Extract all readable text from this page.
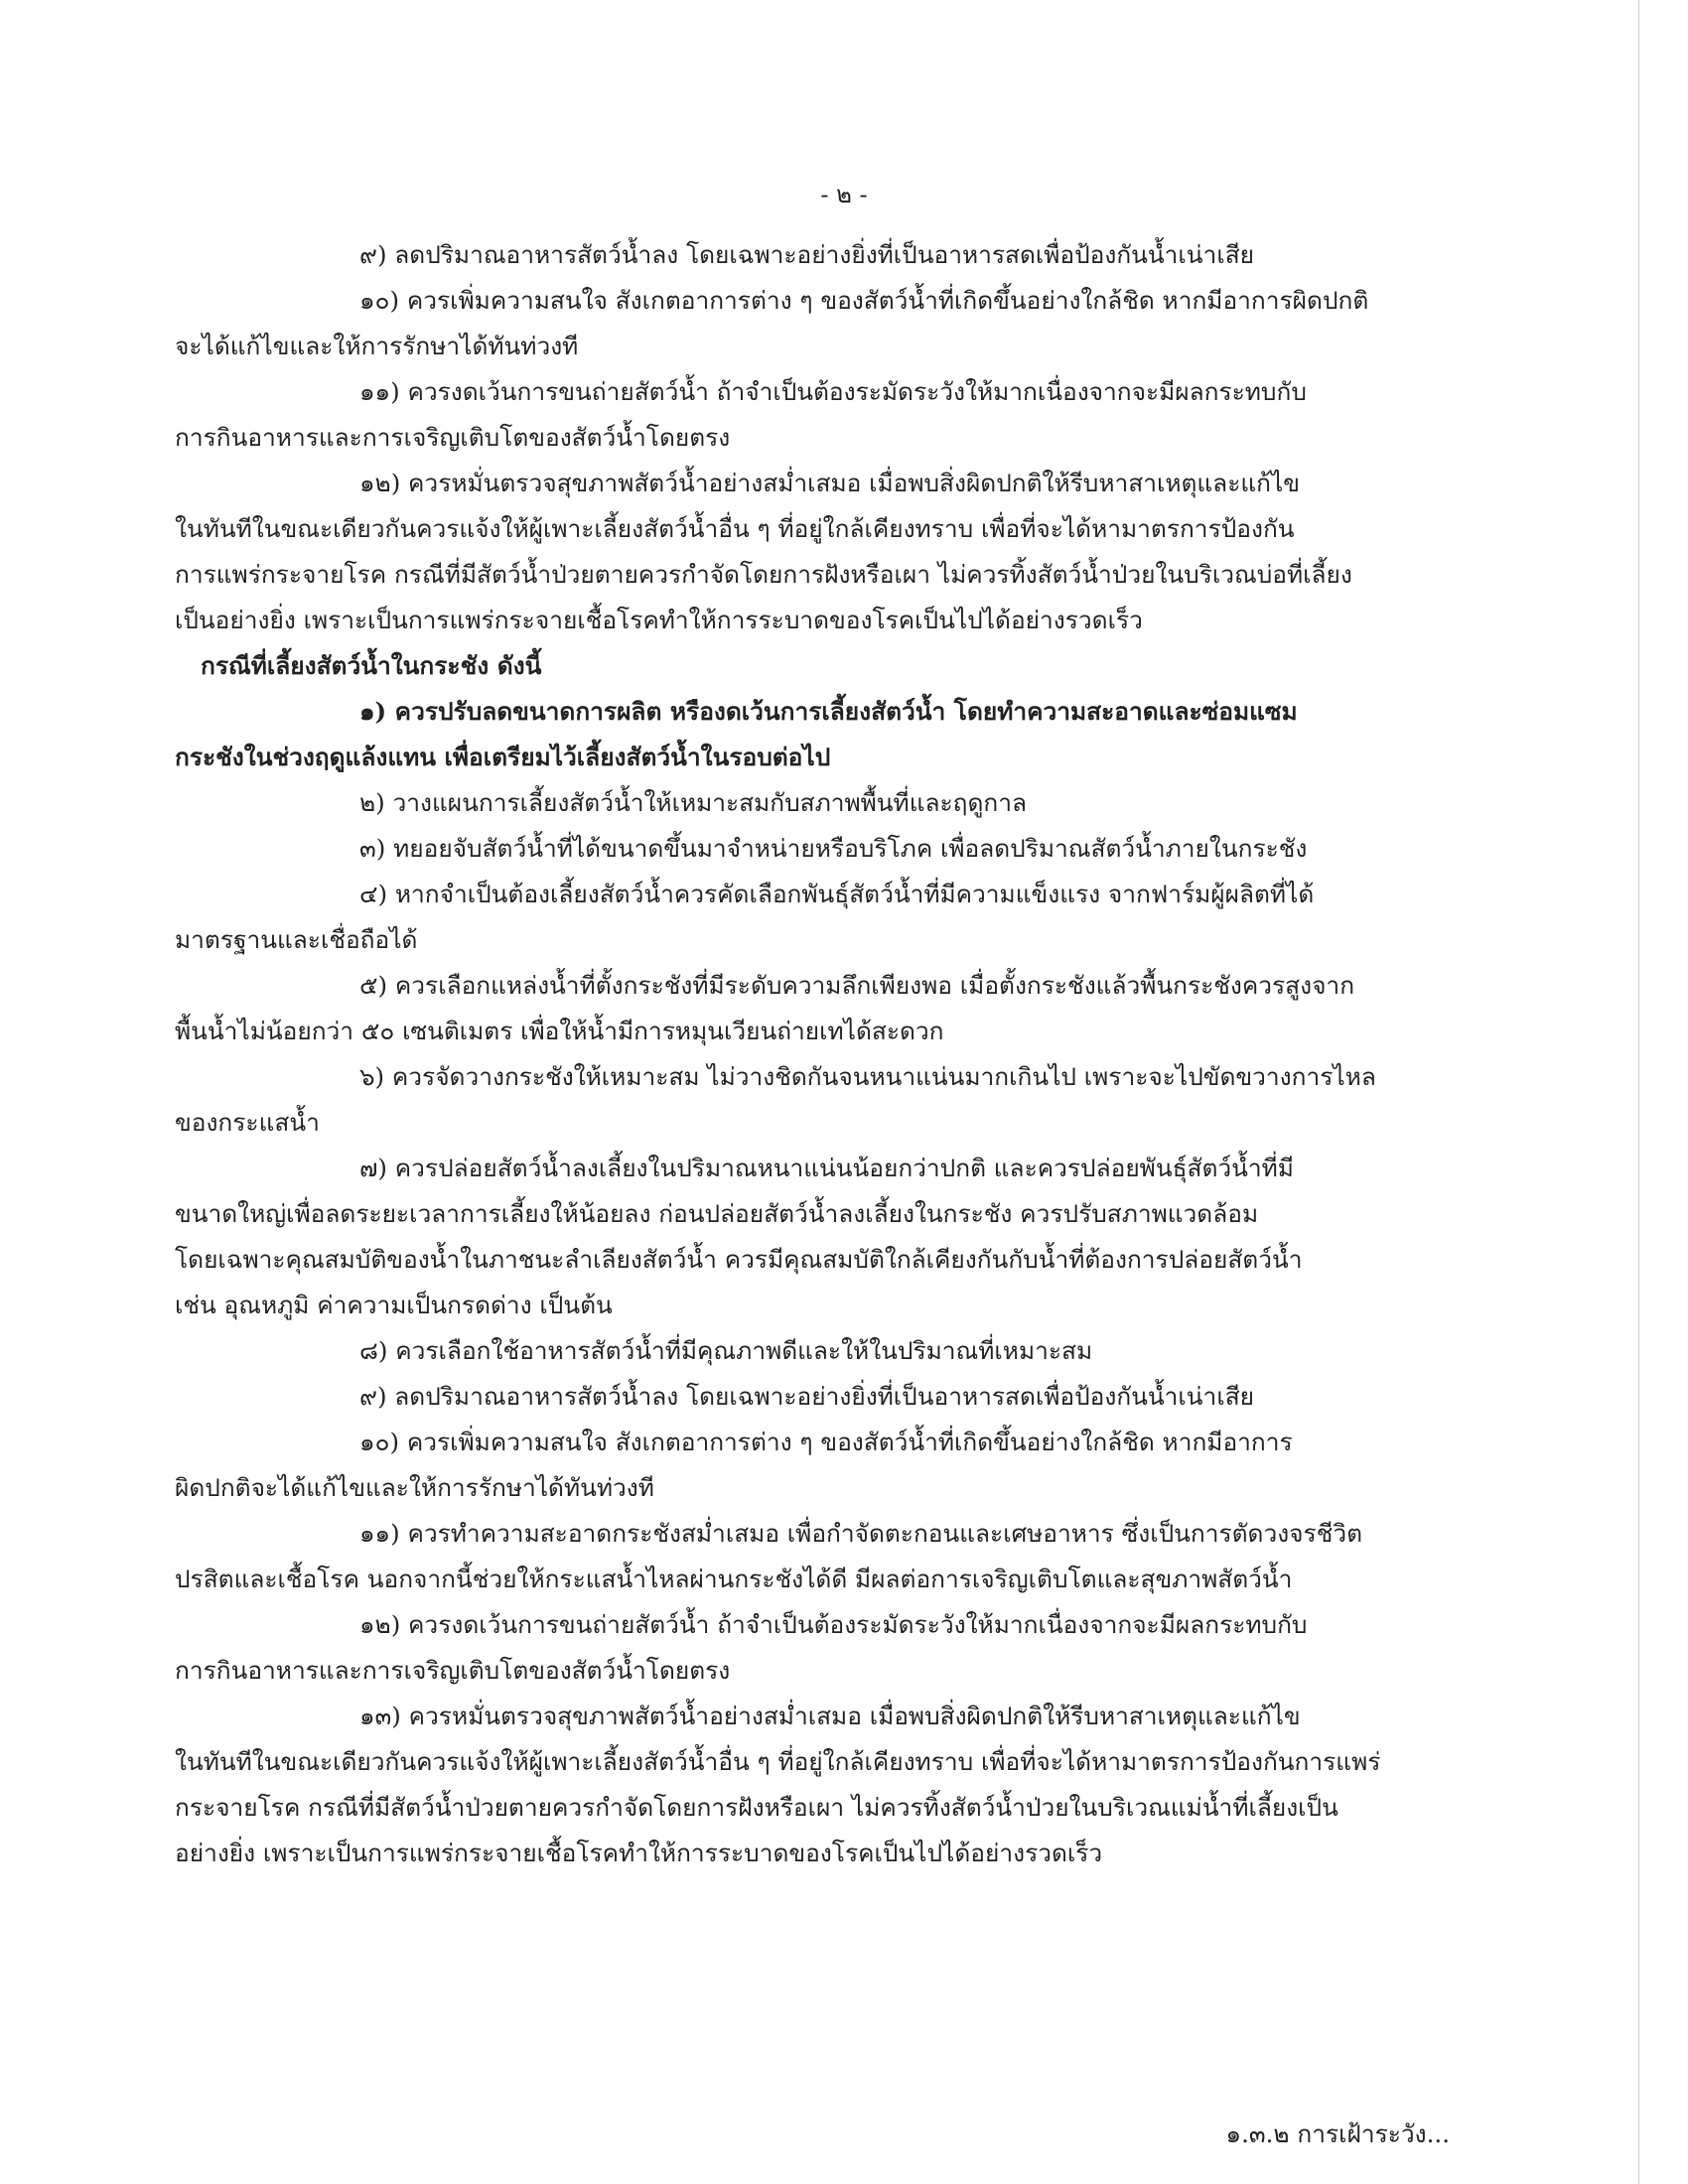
- ๒ -
๙) ลดปริมาณอาหารสัตว์น้ำลง โดยเฉพาะอย่างยิ่งที่เป็นอาหารสดเพื่อป้องกันน้ำเน่าเสีย
๑๐) ควรเพิ่มความสนใจ สังเกตอาการต่าง ๆ ของสัตว์น้ำที่เกิดขึ้นอย่างใกล้ชิด หากมีอาการผิดปกติ
จะได้แก้ไขและให้การรักษาได้ทันท่วงที
๑๑) ควรงดเว้นการขนถ่ายสัตว์น้ำ ถ้าจำเป็นต้องระมัดระวังให้มากเนื่องจากจะมีผลกระทบกับ
การกินอาหารและการเจริญเติบโตของสัตว์น้ำโดยตรง
๑๒) ควรหมั่นตรวจสุขภาพสัตว์น้ำอย่างสม่ำเสมอ เมื่อพบสิ่งผิดปกติให้รีบหาสาเหตุและแก้ไข
ในทันทีในขณะเดียวกันควรแจ้งให้ผู้เพาะเลี้ยงสัตว์น้ำอื่น ๆ ที่อยู่ใกล้เคียงทราบ เพื่อที่จะได้หามาตรการป้องกัน
การแพร่กระจายโรค กรณีที่มีสัตว์น้ำป่วยตายควรกำจัดโดยการฝังหรือเผา ไม่ควรทิ้งสัตว์น้ำป่วยในบริเวณบ่อที่เลี้ยง
เป็นอย่างยิ่ง เพราะเป็นการแพร่กระจายเชื้อโรคทำให้การระบาดของโรคเป็นไปได้อย่างรวดเร็ว
กรณีที่เลี้ยงสัตว์น้ำในกระชัง ดังนี้
๑) ควรปรับลดขนาดการผลิต หรืองดเว้นการเลี้ยงสัตว์น้ำ โดยทำความสะอาดและซ่อมแซม
กระชังในช่วงฤดูแล้งแทน เพื่อเตรียมไว้เลี้ยงสัตว์น้ำในรอบต่อไป
๒) วางแผนการเลี้ยงสัตว์น้ำให้เหมาะสมกับสภาพพื้นที่และฤดูกาล
๓) ทยอยจับสัตว์น้ำที่ได้ขนาดขึ้นมาจำหน่ายหรือบริโภค เพื่อลดปริมาณสัตว์น้ำภายในกระชัง
๔) หากจำเป็นต้องเลี้ยงสัตว์น้ำควรคัดเลือกพันธุ์สัตว์น้ำที่มีความแข็งแรง จากฟาร์มผู้ผลิตที่ได้
มาตรฐานและเชื่อถือได้
๕) ควรเลือกแหล่งน้ำที่ตั้งกระชังที่มีระดับความลึกเพียงพอ เมื่อตั้งกระชังแล้วพื้นกระชังควรสูงจาก
พื้นน้ำไม่น้อยกว่า ๕๐ เซนติเมตร เพื่อให้น้ำมีการหมุนเวียนถ่ายเทได้สะดวก
๖) ควรจัดวางกระชังให้เหมาะสม ไม่วางชิดกันจนหนาแน่นมากเกินไป เพราะจะไปขัดขวางการไหล
ของกระแสน้ำ
๗) ควรปล่อยสัตว์น้ำลงเลี้ยงในปริมาณหนาแน่นน้อยกว่าปกติ และควรปล่อยพันธุ์สัตว์น้ำที่มี
ขนาดใหญ่เพื่อลดระยะเวลาการเลี้ยงให้น้อยลง ก่อนปล่อยสัตว์น้ำลงเลี้ยงในกระชัง ควรปรับสภาพแวดล้อม
โดยเฉพาะคุณสมบัติของน้ำในภาชนะลำเลียงสัตว์น้ำ ควรมีคุณสมบัติใกล้เคียงกันกับน้ำที่ต้องการปล่อยสัตว์น้ำ
เช่น อุณหภูมิ ค่าความเป็นกรดด่าง เป็นต้น
๘) ควรเลือกใช้อาหารสัตว์น้ำที่มีคุณภาพดีและให้ในปริมาณที่เหมาะสม
๙) ลดปริมาณอาหารสัตว์น้ำลง โดยเฉพาะอย่างยิ่งที่เป็นอาหารสดเพื่อป้องกันน้ำเน่าเสีย
๑๐) ควรเพิ่มความสนใจ สังเกตอาการต่าง ๆ ของสัตว์น้ำที่เกิดขึ้นอย่างใกล้ชิด หากมีอาการ
ผิดปกติจะได้แก้ไขและให้การรักษาได้ทันท่วงที
๑๑) ควรทำความสะอาดกระชังสม่ำเสมอ เพื่อกำจัดตะกอนและเศษอาหาร ซึ่งเป็นการตัดวงจรชีวิต
ปรสิตและเชื้อโรค นอกจากนี้ช่วยให้กระแสน้ำไหลผ่านกระชังได้ดี มีผลต่อการเจริญเติบโตและสุขภาพสัตว์น้ำ
๑๒) ควรงดเว้นการขนถ่ายสัตว์น้ำ ถ้าจำเป็นต้องระมัดระวังให้มากเนื่องจากจะมีผลกระทบกับ
การกินอาหารและการเจริญเติบโตของสัตว์น้ำโดยตรง
๑๓) ควรหมั่นตรวจสุขภาพสัตว์น้ำอย่างสม่ำเสมอ เมื่อพบสิ่งผิดปกติให้รีบหาสาเหตุและแก้ไข
ในทันทีในขณะเดียวกันควรแจ้งให้ผู้เพาะเลี้ยงสัตว์น้ำอื่น ๆ ที่อยู่ใกล้เคียงทราบ เพื่อที่จะได้หามาตรการป้องกันการแพร่
กระจายโรค กรณีที่มีสัตว์น้ำป่วยตายควรกำจัดโดยการฝังหรือเผา ไม่ควรทิ้งสัตว์น้ำป่วยในบริเวณแม่น้ำที่เลี้ยงเป็น
อย่างยิ่ง เพราะเป็นการแพร่กระจายเชื้อโรคทำให้การระบาดของโรคเป็นไปได้อย่างรวดเร็ว
๑.๓.๒ การเฝ้าระวัง...
